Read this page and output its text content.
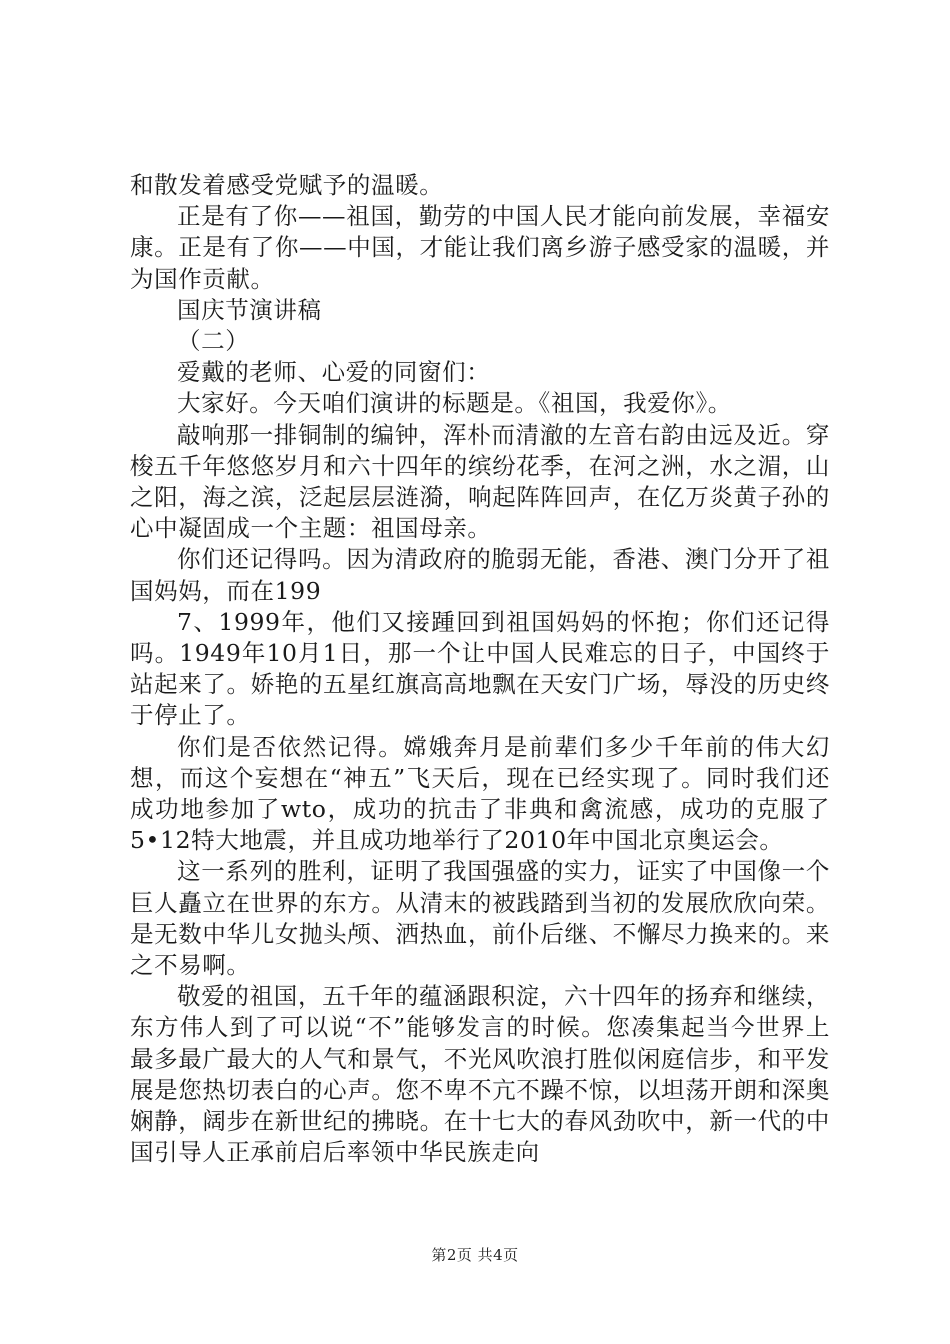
和散发着感受党赋予的温暖。

正是有了你——祖国，勤劳的中国人民才能向前发展，幸福安康。正是有了你——中国，才能让我们离乡游子感受家的温暖，并为国作贡献。

国庆节演讲稿

（二）

爱戴的老师、心爱的同窗们：

大家好。今天咱们演讲的标题是。《祖国，我爱你》。

敲响那一排铜制的编钟，浑朴而清澈的左音右韵由远及近。穿梭五千年悠悠岁月和六十四年的缤纷花季，在河之洲，水之湄，山之阳，海之滨，泛起层层涟漪，响起阵阵回声，在亿万炎黄子孙的心中凝固成一个主题：祖国母亲。

你们还记得吗。因为清政府的脆弱无能，香港、澳门分开了祖国妈妈，而在199

7、1999年，他们又接踵回到祖国妈妈的怀抱；你们还记得吗。1949年10月1日，那一个让中国人民难忘的日子，中国终于站起来了。娇艳的五星红旗高高地飘在天安门广场，辱没的历史终于停止了。

你们是否依然记得。嫦娥奔月是前辈们多少千年前的伟大幻想，而这个妄想在“神五”飞天后，现在已经实现了。同时我们还成功地参加了wto，成功的抗击了非典和禽流感，成功的克服了5•12特大地震，并且成功地举行了2010年中国北京奥运会。

这一系列的胜利，证明了我国强盛的实力，证实了中国像一个巨人矗立在世界的东方。从清末的被践踏到当初的发展欣欣向荣。是无数中华儿女抛头颅、洒热血，前仆后继、不懈尽力换来的。来之不易啊。

敬爱的祖国，五千年的蕴涵跟积淀，六十四年的扬弃和继续，东方伟人到了可以说“不”能够发言的时候。您凑集起当今世界上最多最广最大的人气和景气，不光风吹浪打胜似闲庭信步，和平发展是您热切表白的心声。您不卑不亢不躁不惊，以坦荡开朗和深奥娴静，阔步在新世纪的拂晓。在十七大的春风劲吹中，新一代的中国引导人正承前启后率领中华民族走向

第2页 共4页
